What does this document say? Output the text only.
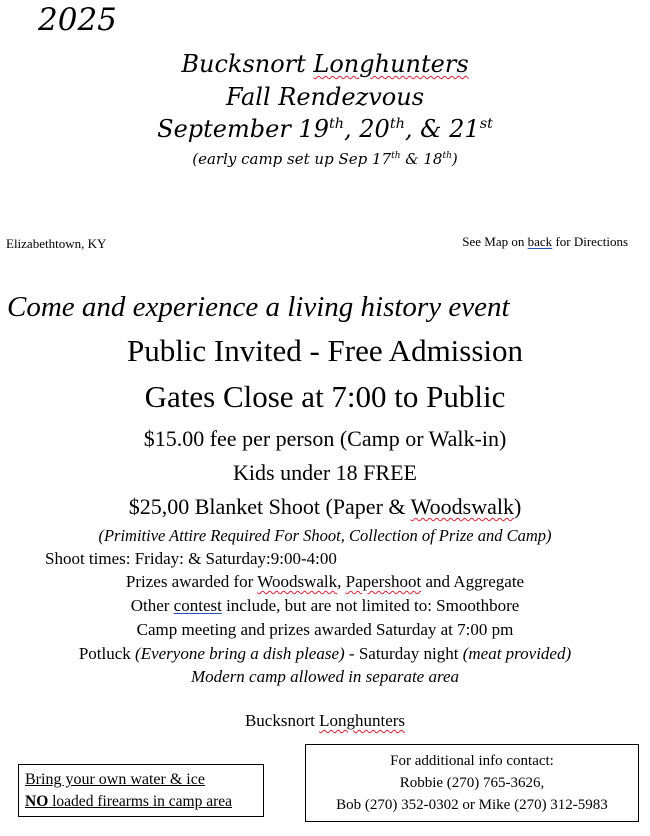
2025
Bucksnort Longhunters
Fall Rendezvous
September 19th, 20th, & 21st
(early camp set up Sep 17th & 18th)
Elizabethtown, KY	See Map on back for Directions
Come and experience a living history event
Public Invited - Free Admission
Gates Close at 7:00 to Public
$15.00 fee per person (Camp or Walk-in)
Kids under 18 FREE
$25,00 Blanket Shoot (Paper & Woodswalk)
(Primitive Attire Required For Shoot, Collection of Prize and Camp)
Shoot times: Friday: & Saturday:9:00-4:00
Prizes awarded for Woodswalk, Papershoot and Aggregate
Other contest include, but are not limited to: Smoothbore
Camp meeting and prizes awarded Saturday at 7:00 pm
Potluck (Everyone bring a dish please) - Saturday night (meat provided)
Modern camp allowed in separate area
Bucksnort Longhunters
Bring your own water & ice
NO loaded firearms in camp area
For additional info contact:
Robbie (270) 765-3626,
Bob (270) 352-0302 or Mike (270) 312-5983
